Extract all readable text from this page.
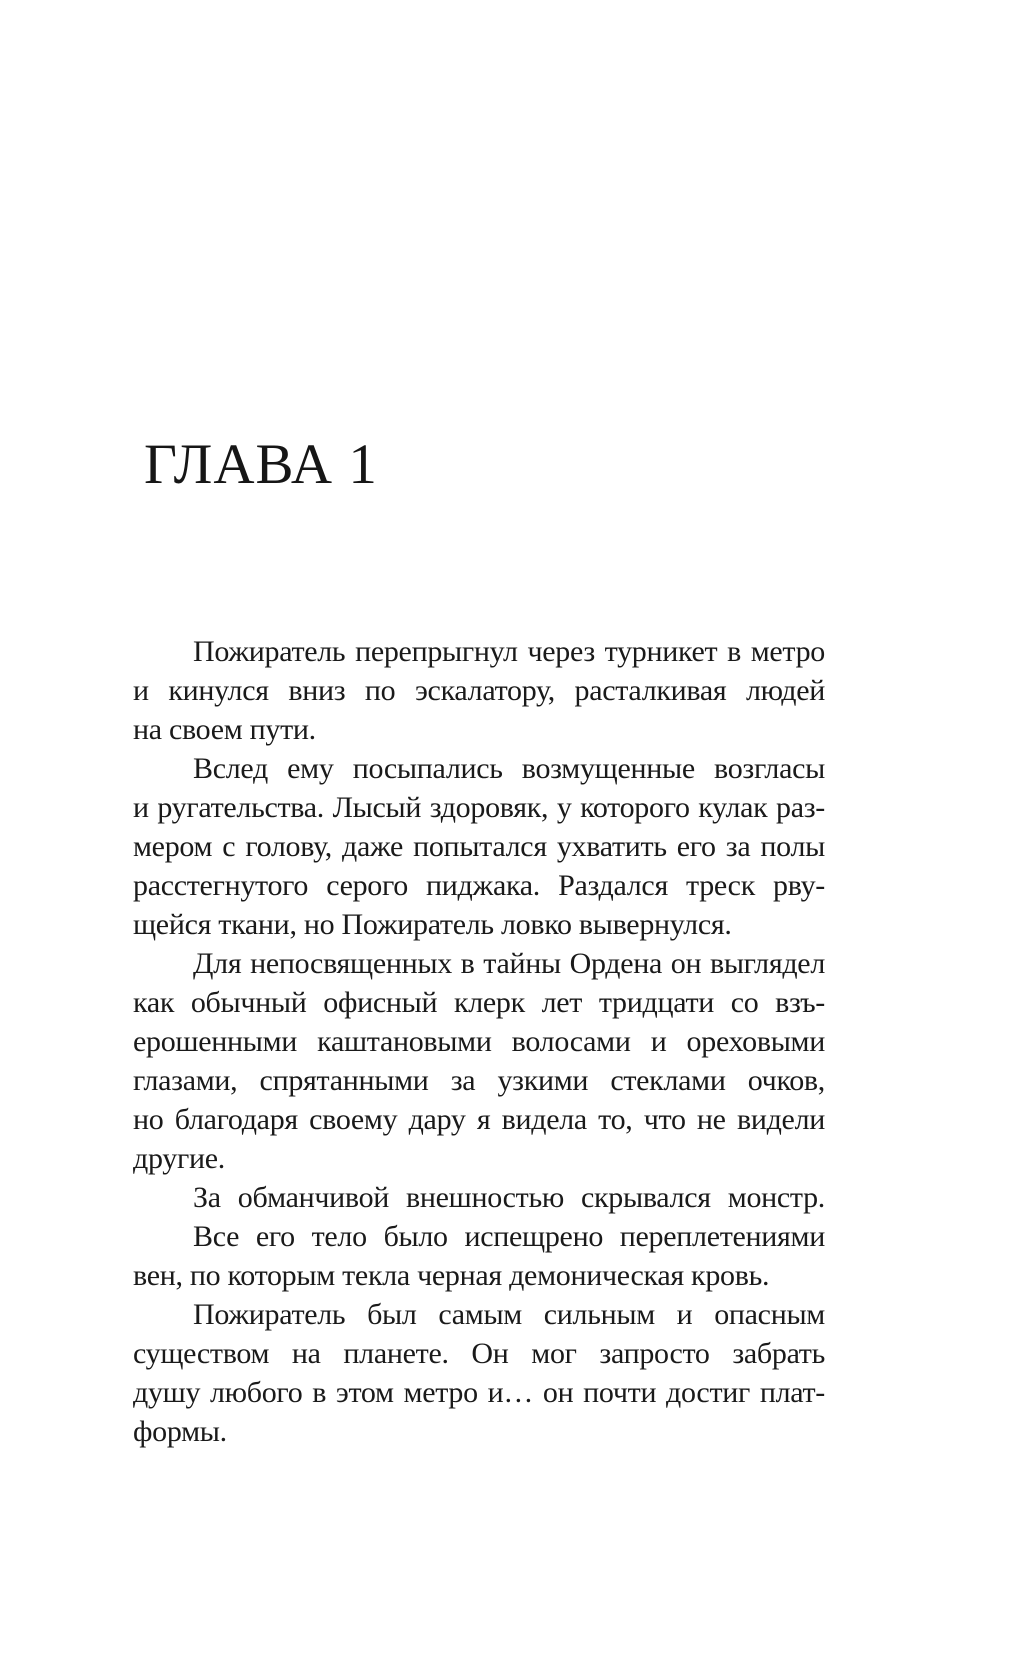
ГЛАВА 1
Пожиратель перепрыгнул через турникет в метро
и кинулся вниз по эскалатору, расталкивая людей
на своем пути.
Вслед ему посыпались возмущенные возгласы
и ругательства. Лысый здоровяк, у которого кулак раз-
мером с голову, даже попытался ухватить его за полы
расстегнутого серого пиджака. Раздался треск рву-
щейся ткани, но Пожиратель ловко вывернулся.
Для непосвященных в тайны Ордена он выглядел
как обычный офисный клерк лет тридцати со взъ-
ерошенными каштановыми волосами и ореховыми
глазами, спрятанными за узкими стеклами очков,
но благодаря своему дару я видела то, что не видели
другие.
За обманчивой внешностью скрывался монстр.
Все его тело было испещрено переплетениями
вен, по которым текла черная демоническая кровь.
Пожиратель был самым сильным и опасным
существом на планете. Он мог запросто забрать
душу любого в этом метро и… он почти достиг плат-
формы.
